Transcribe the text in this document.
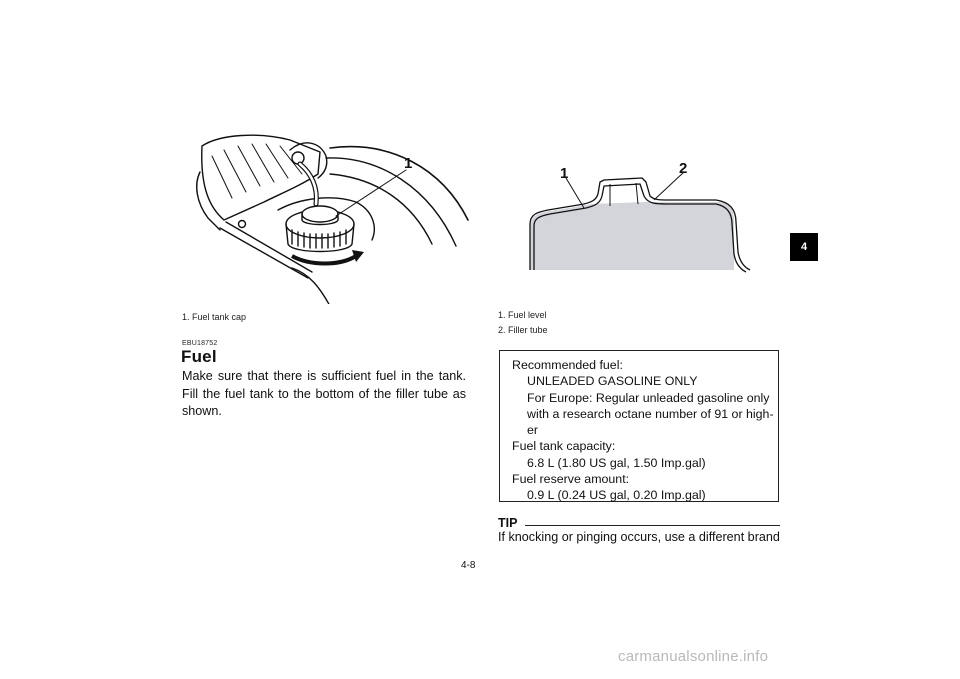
1
1. Fuel tank cap
EBU18752
Fuel
Make sure that there is sufficient fuel in the tank. Fill the fuel tank to the bottom of the filler tube as shown.
1	2
1. Fuel level
2. Filler tube
Recommended fuel:
UNLEADED GASOLINE ONLY
For Europe: Regular unleaded gasoline only
with a research octane number of 91 or high-
er
Fuel tank capacity:
6.8 L (1.80 US gal, 1.50 Imp.gal)
Fuel reserve amount:
0.9 L (0.24 US gal, 0.20 Imp.gal)
TIP
If knocking or pinging occurs, use a different brand
4-8
4
carmanualsonline.info
